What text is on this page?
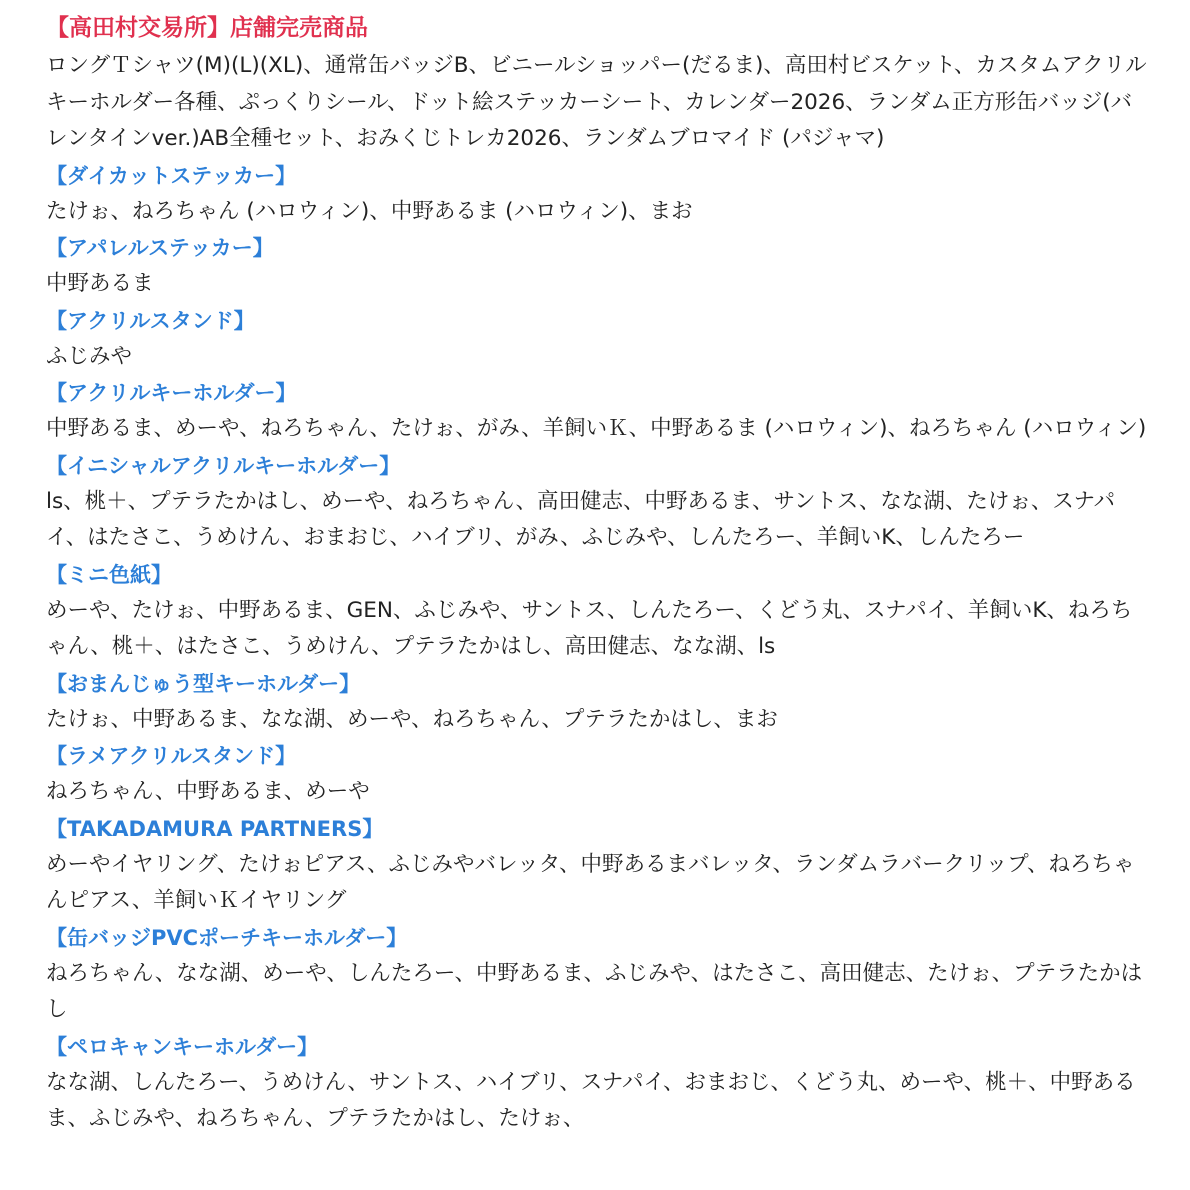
【高田村交易所】店舗完売商品

ロングＴシャツ(M)(L)(XL)、通常缶バッジB、ビニールショッパー(だるま)、高田村ビスケット、カスタムアクリルキーホルダー各種、ぷっくりシール、ドット絵ステッカーシート、カレンダー2026、ランダム正方形缶バッジ(バレンタインver.)AB全種セット、おみくじトレカ2026、ランダムブロマイド (パジャマ)

【ダイカットステッカー】

たけぉ、ねろちゃん (ハロウィン)、中野あるま (ハロウィン)、まお

【アパレルステッカー】

中野あるま

【アクリルスタンド】

ふじみや

【アクリルキーホルダー】

中野あるま、めーや、ねろちゃん、たけぉ、がみ、羊飼いＫ、中野あるま (ハロウィン)、ねろちゃん (ハロウィン)

【イニシャルアクリルキーホルダー】

ls、桃＋、プテラたかはし、めーや、ねろちゃん、高田健志、中野あるま、サントス、なな湖、たけぉ、スナパイ、はたさこ、うめけん、おまおじ、ハイブリ、がみ、ふじみや、しんたろー、羊飼いK、しんたろー

【ミニ色紙】

めーや、たけぉ、中野あるま、GEN、ふじみや、サントス、しんたろー、くどう丸、スナパイ、羊飼いK、ねろちゃん、桃＋、はたさこ、うめけん、プテラたかはし、高田健志、なな湖、ls

【おまんじゅう型キーホルダー】

たけぉ、中野あるま、なな湖、めーや、ねろちゃん、プテラたかはし、まお

【ラメアクリルスタンド】

ねろちゃん、中野あるま、めーや

【TAKADAMURA PARTNERS】

めーやイヤリング、たけぉピアス、ふじみやバレッタ、中野あるまバレッタ、ランダムラバークリップ、ねろちゃんピアス、羊飼いＫイヤリング

【缶バッジPVCポーチキーホルダー】

ねろちゃん、なな湖、めーや、しんたろー、中野あるま、ふじみや、はたさこ、高田健志、たけぉ、プテラたかはし

【ペロキャンキーホルダー】

なな湖、しんたろー、うめけん、サントス、ハイブリ、スナパイ、おまおじ、くどう丸、めーや、桃＋、中野あるま、ふじみや、ねろちゃん、プテラたかはし、たけぉ、
